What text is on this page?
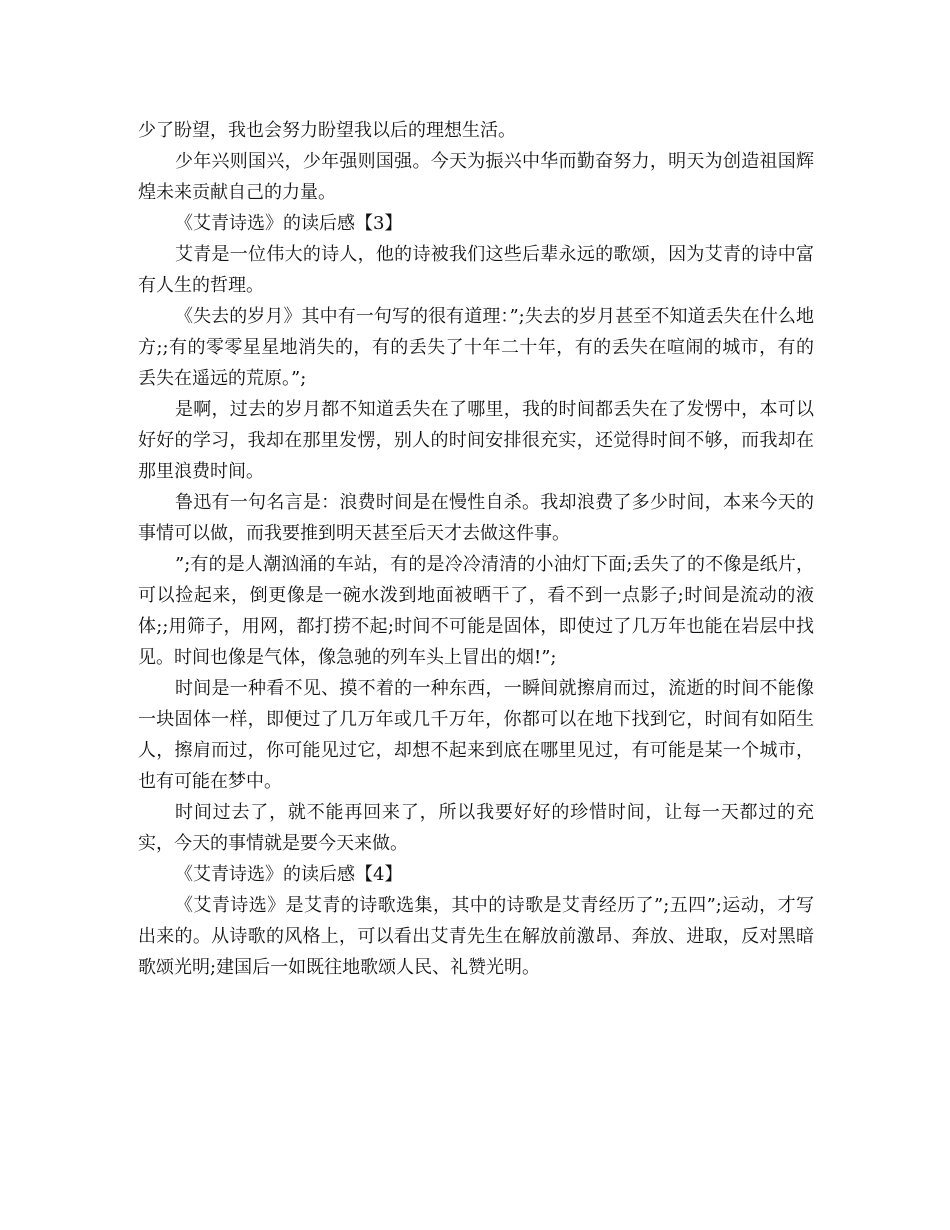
少了盼望，我也会努力盼望我以后的理想生活。

少年兴则国兴，少年强则国强。今天为振兴中华而勤奋努力，明天为创造祖国辉煌未来贡献自己的力量。

《艾青诗选》的读后感【3】

艾青是一位伟大的诗人，他的诗被我们这些后辈永远的歌颂，因为艾青的诗中富有人生的哲理。

《失去的岁月》其中有一句写的很有道理：”;失去的岁月甚至不知道丢失在什么地方;;有的零零星星地消失的，有的丢失了十年二十年，有的丢失在喧闹的城市，有的丢失在遥远的荒原。”;

是啊，过去的岁月都不知道丢失在了哪里，我的时间都丢失在了发愣中，本可以好好的学习，我却在那里发愣，别人的时间安排很充实，还觉得时间不够，而我却在那里浪费时间。

鲁迅有一句名言是：浪费时间是在慢性自杀。我却浪费了多少时间，本来今天的事情可以做，而我要推到明天甚至后天才去做这件事。

”;有的是人潮汹涌的车站，有的是冷冷清清的小油灯下面;丢失了的不像是纸片，可以捡起来，倒更像是一碗水泼到地面被晒干了，看不到一点影子;时间是流动的液体;;用筛子，用网，都打捞不起;时间不可能是固体，即使过了几万年也能在岩层中找见。时间也像是气体，像急驰的列车头上冒出的烟!”;

时间是一种看不见、摸不着的一种东西，一瞬间就擦肩而过，流逝的时间不能像一块固体一样，即便过了几万年或几千万年，你都可以在地下找到它，时间有如陌生人，擦肩而过，你可能见过它，却想不起来到底在哪里见过，有可能是某一个城市，也有可能在梦中。

时间过去了，就不能再回来了，所以我要好好的珍惜时间，让每一天都过的充实，今天的事情就是要今天来做。

《艾青诗选》的读后感【4】

《艾青诗选》是艾青的诗歌选集，其中的诗歌是艾青经历了”;五四”;运动，才写出来的。从诗歌的风格上，可以看出艾青先生在解放前激昂、奔放、进取，反对黑暗歌颂光明;建国后一如既往地歌颂人民、礼赞光明。
